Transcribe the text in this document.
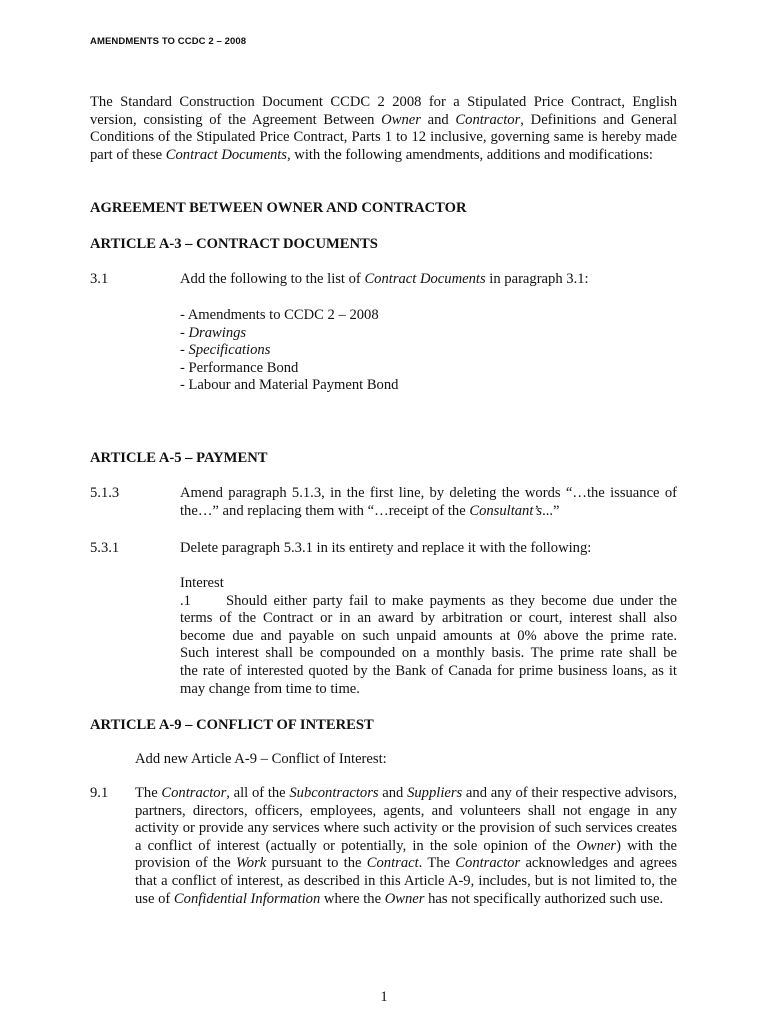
AMENDMENTS TO CCDC 2 – 2008
The Standard Construction Document CCDC 2 2008 for a Stipulated Price Contract, English version, consisting of the Agreement Between Owner and Contractor, Definitions and General Conditions of the Stipulated Price Contract, Parts 1 to 12 inclusive, governing same is hereby made part of these Contract Documents, with the following amendments, additions and modifications:
AGREEMENT BETWEEN OWNER AND CONTRACTOR
ARTICLE A-3 – CONTRACT DOCUMENTS
3.1	Add the following to the list of Contract Documents in paragraph 3.1:
- Amendments to CCDC 2 – 2008
- Drawings
- Specifications
- Performance Bond
- Labour and Material Payment Bond
ARTICLE A-5 – PAYMENT
5.1.3	Amend paragraph 5.1.3, in the first line, by deleting the words “…the issuance of
the…” and replacing them with “…receipt of the Consultant’s...”
5.3.1	Delete paragraph 5.3.1 in its entirety and replace it with the following:
Interest
.1 Should either party fail to make payments as they become due under the
terms of the Contract or in an award by arbitration or court, interest shall also
become due and payable on such unpaid amounts at 0% above the prime rate.
Such interest shall be compounded on a monthly basis. The prime rate shall be
the rate of interested quoted by the Bank of Canada for prime business loans, as it
may change from time to time.
ARTICLE A-9 – CONFLICT OF INTEREST
Add new Article A-9 – Conflict of Interest:
9.1 The Contractor, all of the Subcontractors and Suppliers and any of their respective advisors, partners, directors, officers, employees, agents, and volunteers shall not engage in any activity or provide any services where such activity or the provision of such services creates a conflict of interest (actually or potentially, in the sole opinion of the Owner) with the provision of the Work pursuant to the Contract. The Contractor acknowledges and agrees that a conflict of interest, as described in this Article A-9, includes, but is not limited to, the use of Confidential Information where the Owner has not specifically authorized such use.
1
